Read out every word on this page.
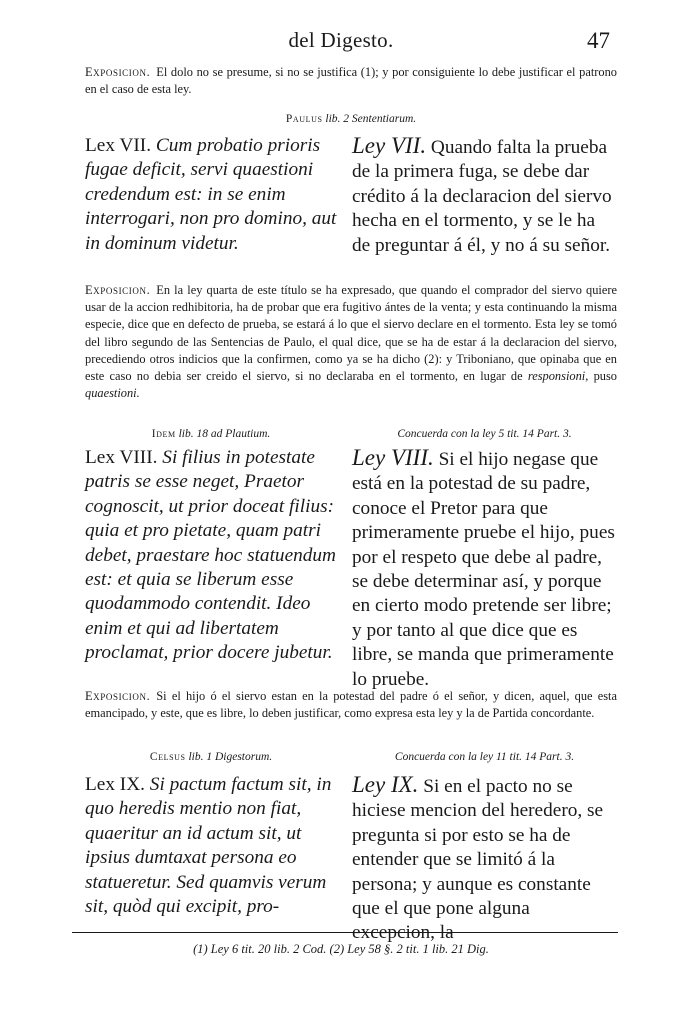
del Digesto.	47
Exposicion. El dolo no se presume, si no se justifica (1); y por consiguiente lo debe justificar el patrono en el caso de esta ley.
Paulus lib. 2 Sententiarum.
Lex VII. Cum probatio prioris fugae deficit, servi quaestioni credendum est: in se enim interrogari, non pro domino, aut in dominum videtur.
Ley VII. Quando falta la prueba de la primera fuga, se debe dar crédito á la declaracion del siervo hecha en el tormento, y se le ha de preguntar á él, y no á su señor.
Exposicion. En la ley quarta de este título se ha expresado, que quando el comprador del siervo quiere usar de la accion redhibitoria, ha de probar que era fugitivo ántes de la venta; y esta continuando la misma especie, dice que en defecto de prueba, se estará á lo que el siervo declare en el tormento. Esta ley se tomó del libro segundo de las Sentencias de Paulo, el qual dice, que se ha de estar á la declaracion del siervo, precediendo otros indicios que la confirmen, como ya se ha dicho (2): y Triboniano, que opinaba que en este caso no debia ser creido el siervo, si no declaraba en el tormento, en lugar de responsioni, puso quaestioni.
Idem lib. 18 ad Plautium.	Concuerda con la ley 5 tit. 14 Part. 3.
Lex VIII. Si filius in potestate patris se esse neget, Praetor cognoscit, ut prior doceat filius: quia et pro pietate, quam patri debet, praestare hoc statuendum est: et quia se liberum esse quodammodo contendit. Ideo enim et qui ad libertatem proclamat, prior docere jubetur.
Ley VIII. Si el hijo negase que está en la potestad de su padre, conoce el Pretor para que primeramente pruebe el hijo, pues por el respeto que debe al padre, se debe determinar así, y porque en cierto modo pretende ser libre; y por tanto al que dice que es libre, se manda que primeramente lo pruebe.
Exposicion. Si el hijo ó el siervo estan en la potestad del padre ó el señor, y dicen, aquel, que esta emancipado, y este, que es libre, lo deben justificar, como expresa esta ley y la de Partida concordante.
Celsus lib. 1 Digestorum.	Concuerda con la ley 11 tit. 14 Part. 3.
Lex IX. Si pactum factum sit, in quo heredis mentio non fiat, quaeritur an id actum sit, ut ipsius dumtaxat persona eo statueretur. Sed quamvis verum sit, quòd qui excipit, pro-
Ley IX. Si en el pacto no se hiciese mencion del heredero, se pregunta si por esto se ha de entender que se limitó á la persona; y aunque es constante que el que pone alguna excepcion, la
(1) Ley 6 tit. 20 lib. 2 Cod. (2) Ley 58 §. 2 tit. 1 lib. 21 Dig.
